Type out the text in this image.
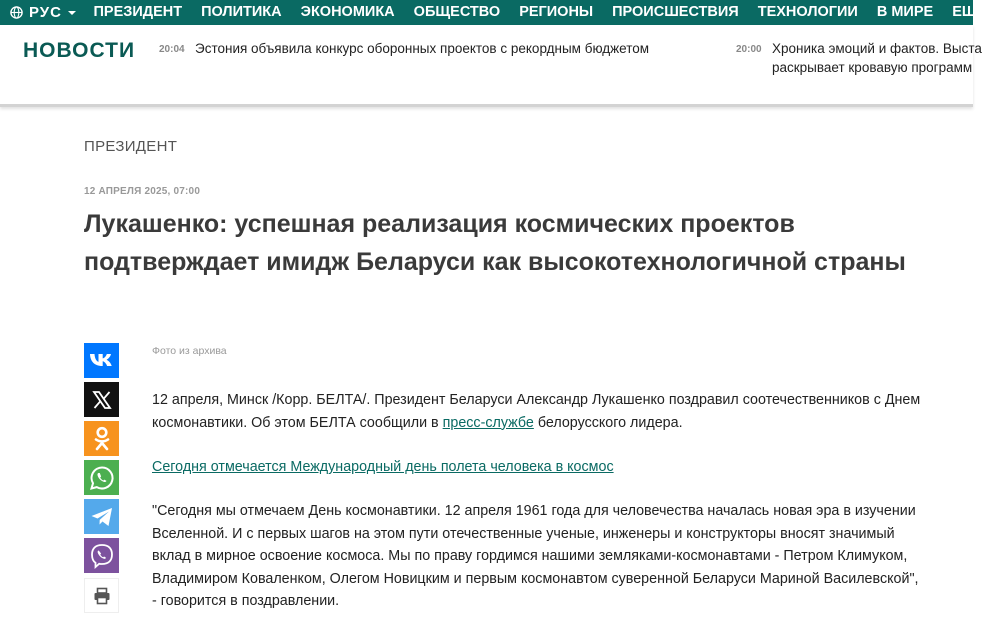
РУС	ПРЕЗИДЕНТ	ПОЛИТИКА	ЭКОНОМИКА	ОБЩЕСТВО	РЕГИОНЫ	ПРОИСШЕСТВИЯ	ТЕХНОЛОГИИ	В МИРЕ	ЕЩЕ
НОВОСТИ 20:04 Эстония объявила конкурс оборонных проектов с рекордным бюджетом	20:00 Хроника эмоций и фактов. Выста
раскрывает кровавую программ
ПРЕЗИДЕНТ
12 АПРЕЛЯ 2025, 07:00
Лукашенко: успешная реализация космических проектов подтверждает имидж Беларуси как высокотехнологичной страны
Фото из архива

12 апреля, Минск /Корр. БЕЛТА/. Президент Беларуси Александр Лукашенко поздравил соотечественников с Днем космонавтики. Об этом БЕЛТА сообщили в пресс-службе белорусского лидера.

Сегодня отмечается Международный день полета человека в космос

"Сегодня мы отмечаем День космонавтики. 12 апреля 1961 года для человечества началась новая эра в изучении Вселенной. И с первых шагов на этом пути отечественные ученые, инженеры и конструкторы вносят значимый вклад в мирное освоение космоса. Мы по праву гордимся нашими земляками-космонавтами - Петром Климуком, Владимиром Коваленком, Олегом Новицким и первым космонавтом суверенной Беларуси Мариной Василевской", - говорится в поздравлении.
